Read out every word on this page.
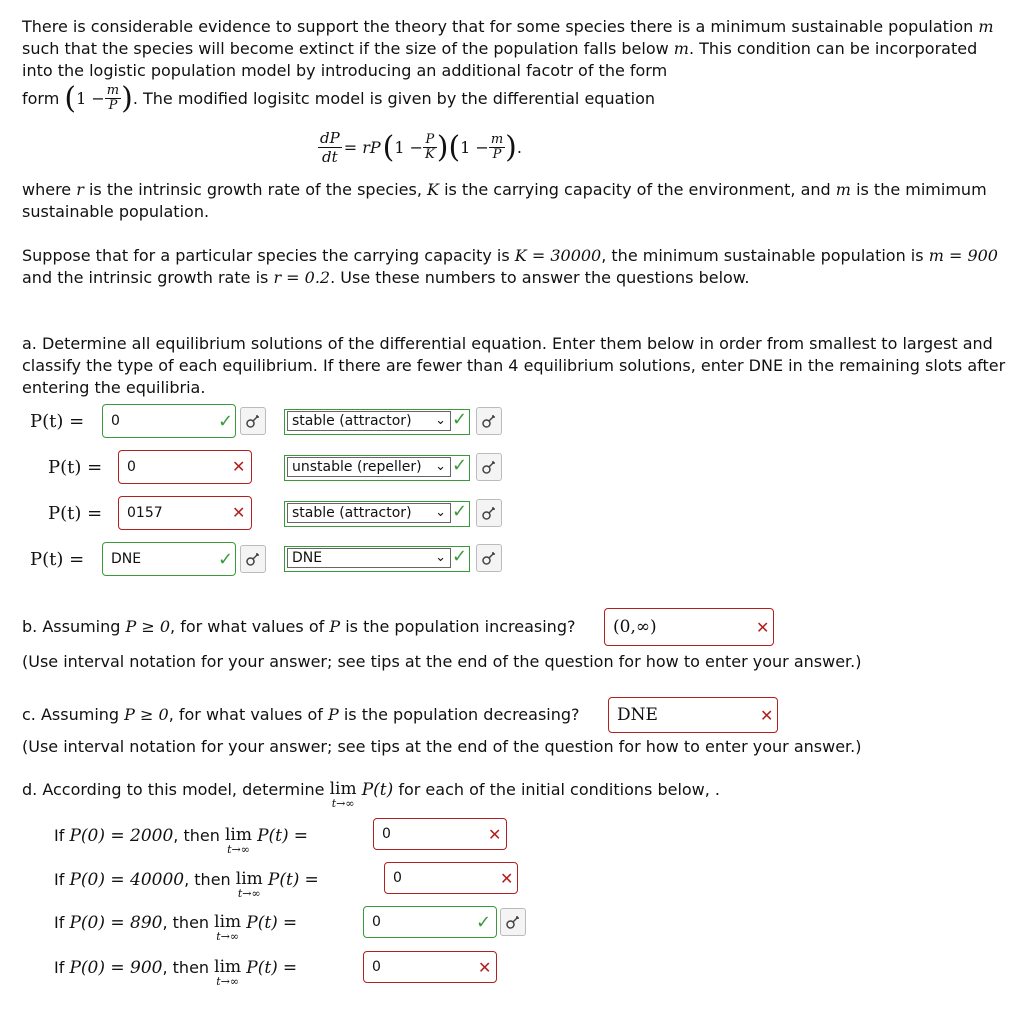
There is considerable evidence to support the theory that for some species there is a minimum sustainable population m such that the species will become extinct if the size of the population falls below m. This condition can be incorporated into the logistic population model by introducing an additional facotr of the form
form ( $1 - \frac{m}{P}$ ) . The modified logisitc model is given by the differential equation
$\frac{dP}{dt}$ = rP ( $1 - \frac{P}{K}$ ) ( $1 - \frac{m}{P}$ ) .
where r is the intrinsic growth rate of the species, K is the carrying capacity of the environment, and m is the mimimum sustainable population.
Suppose that for a particular species the carrying capacity is K = 30000, the minimum sustainable population is m = 900 and the intrinsic growth rate is r = 0.2. Use these numbers to answer the questions below.
a. Determine all equilibrium solutions of the differential equation. Enter them below in order from smallest to largest and classify the type of each equilibrium. If there are fewer than 4 equilibrium solutions, enter DNE in the remaining slots after entering the equilibria.
P(t) =	0	✓	stable (attractor) ⌄ ✓
P(t) =	0	✕	unstable (repeller) ⌄ ✓
P(t) =	0157	✕	stable (attractor) ⌄ ✓
P(t) =	DNE	✓	DNE	⌄ ✓
b. Assuming P ≥ 0, for what values of P is the population increasing?	(0,∞)	✕
(Use interval notation for your answer; see tips at the end of the question for how to enter your answer.)
c. Assuming P ≥ 0, for what values of P is the population decreasing?	DNE	✕
(Use interval notation for your answer; see tips at the end of the question for how to enter your answer.)
d. According to this model, determine
lim
t→∞

P(t)
for each of the initial conditions below, .
If
P(0) = 2000 , then
lim
t→∞

P(t)
=	0	✕
If
P(0) = 40000 , then
lim
t→∞

P(t)
=	0	✕
If
P(0) = 890 , then
lim
t→∞

P(t)
=	0	✓
If
P(0) = 900 , then
lim
t→∞

P(t)
=	0	✕
